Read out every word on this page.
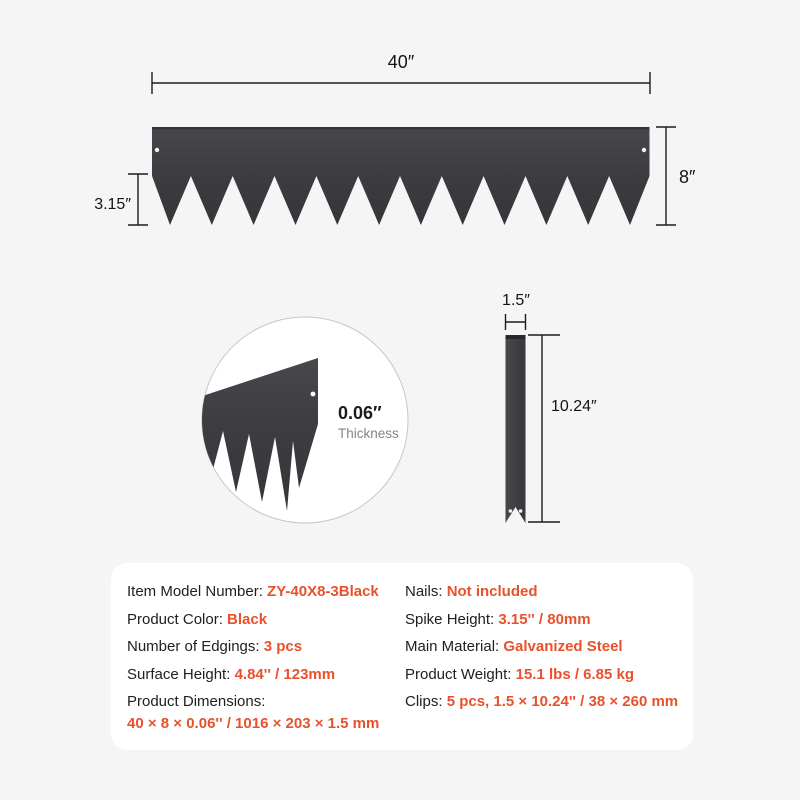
40″
8″
3.15″
0.06″
Thickness
1.5″
10.24″
Item Model Number: ZY-40X8-3Black
Product Color: Black
Number of Edgings: 3 pcs
Surface Height: 4.84'' / 123mm
Product Dimensions:
40 × 8 × 0.06'' / 1016 × 203 × 1.5 mm
Nails: Not included
Spike Height: 3.15'' / 80mm
Main Material: Galvanized Steel
Product Weight: 15.1 lbs / 6.85 kg
Clips: 5 pcs, 1.5 × 10.24'' / 38 × 260 mm
